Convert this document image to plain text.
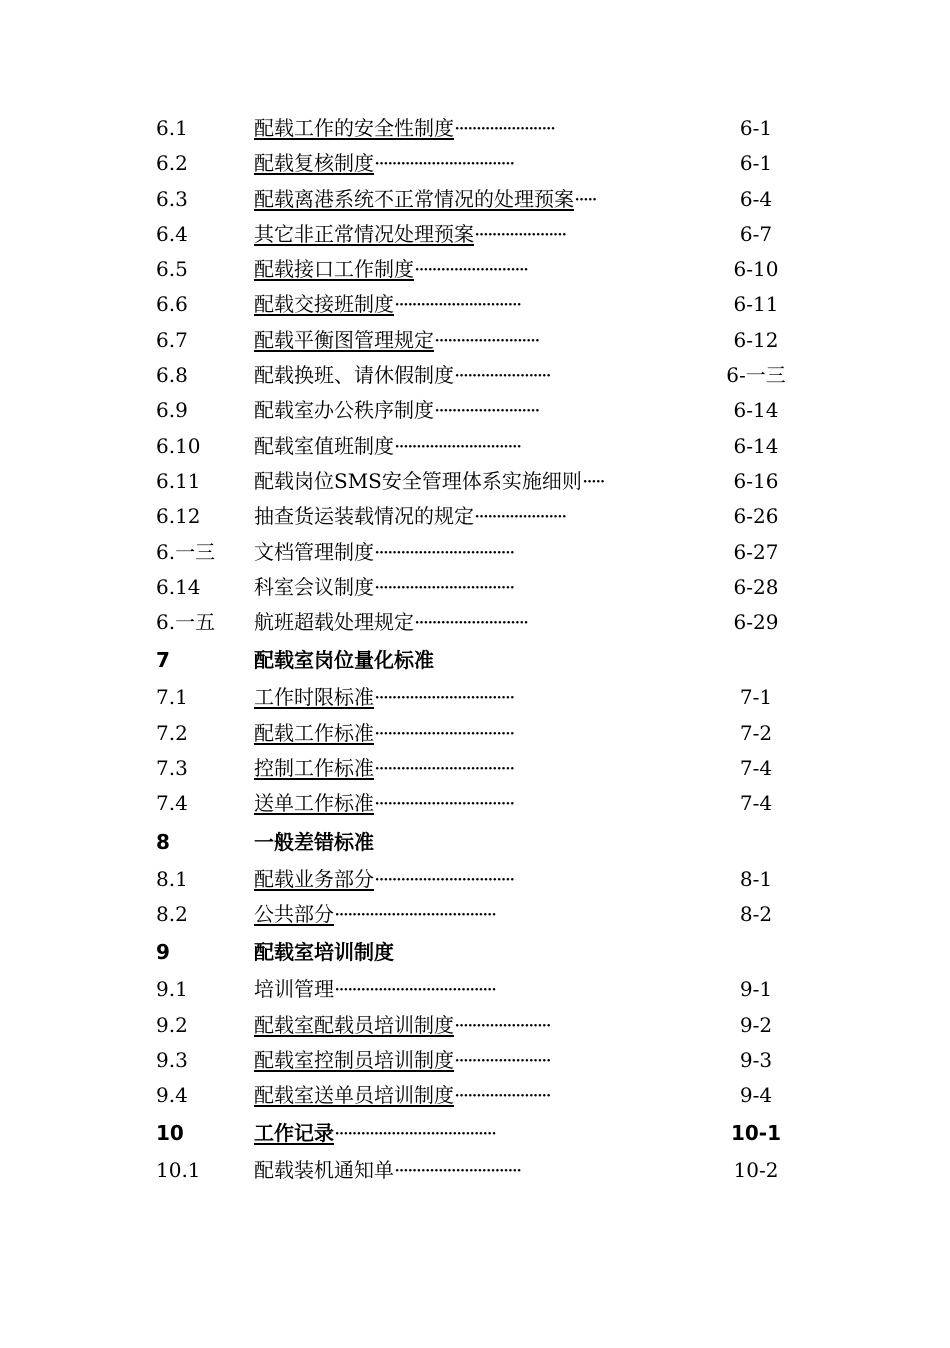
6.1	配载工作的安全性制度 ·······················	6-1
6.2	配载复核制度 ································	6-1
6.3	配载离港系统不正常情况的处理预案 ·····	6-4
6.4	其它非正常情况处理预案 ·····················	6-7
6.5	配载接口工作制度 ··························	6-10
6.6	配载交接班制度 ·····························	6-11
6.7	配载平衡图管理规定 ························	6-12
6.8	配载换班、请休假制度 ······················	6-一三
6.9	配载室办公秩序制度 ························	6-14
6.10	配载室值班制度 ·····························	6-14
6.11	配载岗位SMS安全管理体系实施细则 ·····	6-16
6.12	抽查货运装载情况的规定 ·····················	6-26
6.一三 文档管理制度 ································	6-27
6.14	科室会议制度 ································	6-28
6.一五 航班超载处理规定 ··························	6-29
7	配载室岗位量化标准
7.1	工作时限标准 ································	7-1
7.2	配载工作标准 ································	7-2
7.3	控制工作标准 ································	7-4
7.4	送单工作标准 ································	7-4
8	一般差错标准
8.1	配载业务部分 ································	8-1
8.2	公共部分 ·····································	8-2
9	配载室培训制度
9.1	培训管理 ·····································	9-1
9.2	配载室配载员培训制度 ······················	9-2
9.3	配载室控制员培训制度 ······················	9-3
9.4	配载室送单员培训制度 ······················	9-4
10	工作记录 ·····································	10-1
10.1	配载装机通知单 ·····························	10-2
